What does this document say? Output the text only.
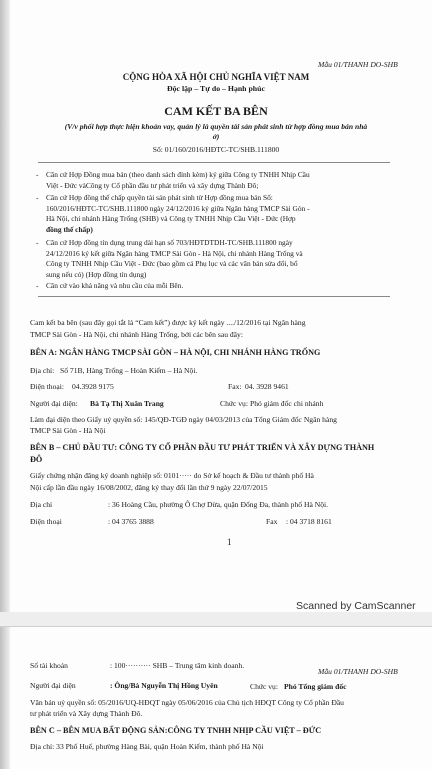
Mẫu 01/THANH DO-SHB
CỘNG HÒA XÃ HỘI CHỦ NGHĨA VIỆT NAM
Độc lập – Tự do – Hạnh phúc
CAM KẾT BA BÊN
(V/v phối hợp thực hiện khoản vay, quản lý là quyền tài sản phát sinh từ hợp đồng mua bán nhà
ở)
Số: 01/160/2016/HĐTC-TC/SHB.111800
- Căn cứ Hợp Đồng mua bán (theo danh sách đính kèm) ký giữa Công ty TNHH Nhịp Cầu
Việt - Đức vàCông ty Cổ phần đầu tư phát triển và xây dựng Thành Đô;
- Căn cứ Hợp đồng thế chấp quyền tài sản phát sinh từ Hợp đồng mua bán Số:
160/2016/HĐTC-TC/SHB.111800 ngày 24/12/2016 ký giữa Ngân hàng TMCP Sài Gòn -
Hà Nội, chi nhánh Hàng Trống (SHB) và Công ty TNHH Nhịp Cầu Việt - Đức (Hợp
đồng thế chấp)
- Căn cứ Hợp đồng tín dụng trung dài hạn số 703/HĐTDTDH-TC/SHB.111800 ngày
24/12/2016 ký kết giữa Ngân hàng TMCP Sài Gòn - Hà Nội, chi nhánh Hàng Trống và
Công ty TNHH Nhịp Cầu Việt - Đức (bao gồm cả Phụ lục và các văn bản sửa đổi, bổ
sung nếu có) (Hợp đồng tín dụng)
- Căn cứ vào khả năng và nhu cầu của mỗi Bên.
Cam kết ba bên (sau đây gọi tắt là “Cam kết”) được ký kết ngày ..../12/2016 tại Ngân hàng
TMCP Sài Gòn - Hà Nội, chi nhánh Hàng Trống, bởi các bên sau đây:
BÊN A: NGÂN HÀNG TMCP SÀI GÒN – HÀ NỘI, CHI NHÁNH HÀNG TRỐNG
Địa chỉ: Số 71B, Hàng Trống – Hoàn Kiếm – Hà Nội.
Điện thoại: 04.3928 9175	Fax: 04. 3928 9461
Người đại diện: Bà Tạ Thị Xuân Trang	Chức vụ: Phó giám đốc chi nhánh
Làm đại diện theo Giấy uỷ quyền số: 145/QĐ-TGĐ ngày 04/03/2013 của Tổng Giám đốc Ngân hàng
TMCP Sài Gòn - Hà Nội
BÊN B – CHỦ ĐẦU TƯ: CÔNG TY CỔ PHẦN ĐẦU TƯ PHÁT TRIỂN VÀ XÂY DỰNG THÀNH
ĐÔ
Giấy chứng nhận đăng ký doanh nghiệp số: 0101····· do Sở kế hoạch & Đầu tư thành phố Hà
Nội cấp lần đầu ngày 16/08/2002, đăng ký thay đổi lần thứ 9 ngày 22/07/2015
Địa chỉ	: 36 Hoàng Cầu, phường Ô Chợ Dừa, quận Đống Đa, thành phố Hà Nội.
Điện thoại	: 04 3765 3888	Fax : 04 3718 8161
1
Scanned by CamScanner
Số tài khoản	: 100·········· SHB – Trung tâm kinh doanh.
Mẫu 01/THANH DO-SHB
Người đại diện	: Ông/Bà Nguyễn Thị Hồng Uyên	Chức vụ: Phó Tổng giám đốc
Văn bản uỷ quyền số: 05/2016/UQ-HĐQT ngày 05/06/2016 của Chủ tịch HĐQT Công ty Cổ phần Đầu
tư phát triển và Xây dựng Thành Đô.
BÊN C – BÊN MUA BẤT ĐỘNG SẢN:CÔNG TY TNHH NHỊP CẦU VIỆT – ĐỨC
Địa chỉ: 33 Phố Huế, phường Hàng Bài, quận Hoàn Kiếm, thành phố Hà Nội
